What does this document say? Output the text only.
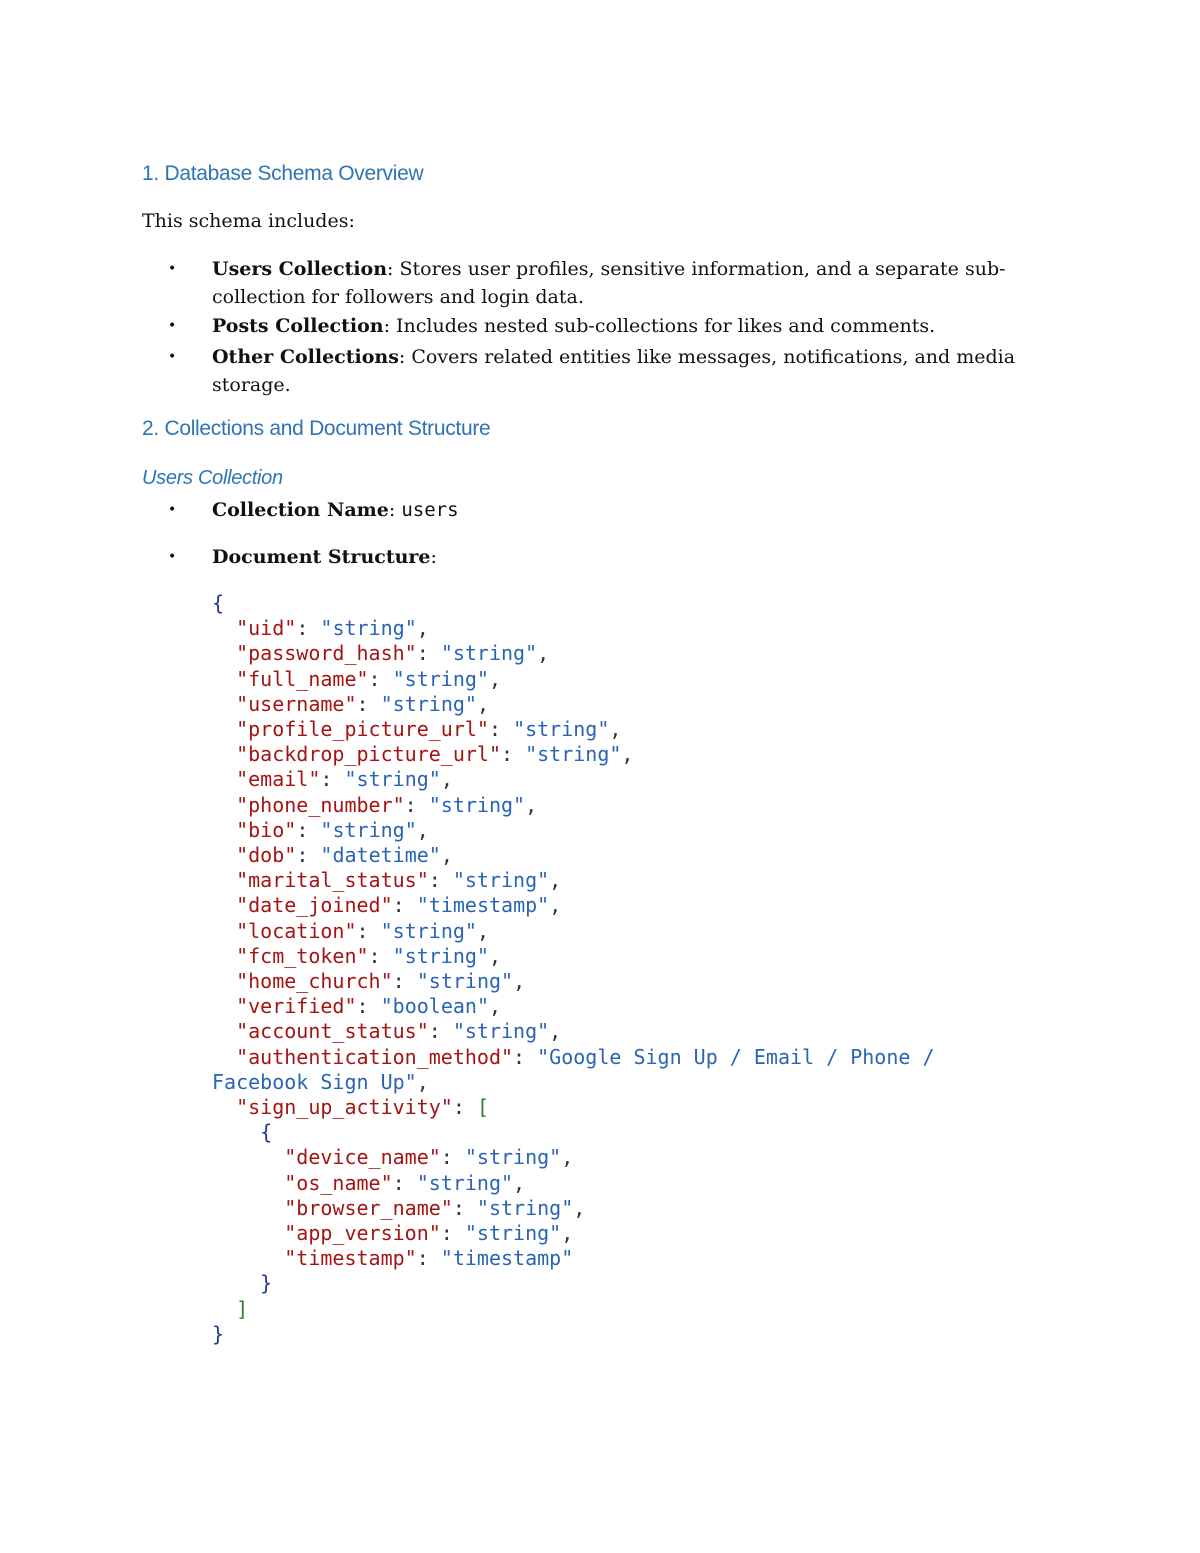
1. Database Schema Overview

This schema includes:

• Users Collection: Stores user profiles, sensitive information, and a separate sub-collection for followers and login data.

• Posts Collection: Includes nested sub-collections for likes and comments.

• Other Collections: Covers related entities like messages, notifications, and media storage.

2. Collections and Document Structure
Users Collection

• Collection Name: users

• Document Structure:

{
"uid": "string",
"password_hash": "string",
"full_name": "string",
"username": "string",
"profile_picture_url": "string",
"backdrop_picture_url": "string",
"email": "string",
"phone_number": "string",
"bio": "string",
"dob": "datetime",
"marital_status": "string",
"date_joined": "timestamp",
"location": "string",
"fcm_token": "string",
"home_church": "string",
"verified": "boolean",
"account_status": "string",
"authentication_method": "Google Sign Up / Email / Phone /
Facebook Sign Up",
"sign_up_activity": [
{
"device_name": "string",
"os_name": "string",
"browser_name": "string",
"app_version": "string",
"timestamp": "timestamp"
}
]
}
